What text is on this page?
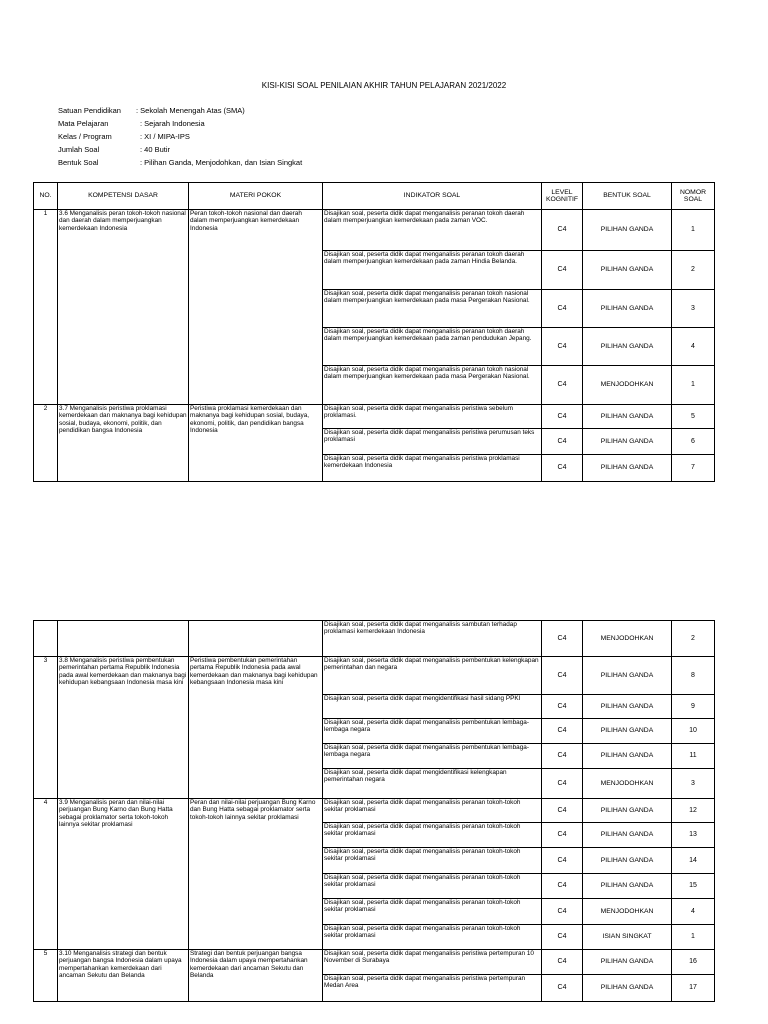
KISI-KISI SOAL PENILAIAN AKHIR TAHUN PELAJARAN 2021/2022
Satuan Pendidikan : Sekolah Menengah Atas (SMA)
Mata Pelajaran	: Sejarah Indonesia
Kelas / Program	: XI / MIPA-IPS
Jumlah Soal	: 40 Butir
Bentuk Soal	: Pilihan Ganda, Menjodohkan, dan Isian Singkat
NO.	KOMPETENSI DASAR	MATERI POKOK	INDIKATOR SOAL	LEVEL KOGNITIF	BENTUK SOAL	NOMOR SOAL
1	3.6 Menganalisis peran tokoh-tokoh nasional dan daerah dalam memperjuangkan kemerdekaan Indonesia	Peran tokoh-tokoh nasional dan daerah dalam memperjuangkan kemerdekaan Indonesia	Disajikan soal, peserta didik dapat menganalisis peranan tokoh daerah dalam memperjuangkan kemerdekaan pada zaman VOC.	C4	PILIHAN GANDA	1
			Disajikan soal, peserta didik dapat menganalisis peranan tokoh daerah dalam memperjuangkan kemerdekaan pada zaman Hindia Belanda.	C4	PILIHAN GANDA	2
			Disajikan soal, peserta didik dapat menganalisis peranan tokoh nasional dalam memperjuangkan kemerdekaan pada masa Pergerakan Nasional.	C4	PILIHAN GANDA	3
			Disajikan soal, peserta didik dapat menganalisis peranan tokoh daerah dalam memperjuangkan kemerdekaan pada zaman pendudukan Jepang.	C4	PILIHAN GANDA	4
			Disajikan soal, peserta didik dapat menganalisis peranan tokoh nasional dalam memperjuangkan kemerdekaan pada masa Pergerakan Nasional.	C4	MENJODOHKAN	1
2	3.7 Menganalisis peristiwa proklamasi kemerdekaan dan maknanya bagi kehidupan sosial, budaya, ekonomi, politik, dan pendidikan bangsa Indonesia	Peristiwa proklamasi kemerdekaan dan maknanya bagi kehidupan sosial, budaya, ekonomi, politik, dan pendidikan bangsa Indonesia	Disajikan soal, peserta didik dapat menganalisis peristiwa sebelum proklamasi.	C4	PILIHAN GANDA	5
			Disajikan soal, peserta didik dapat menganalisis peristiwa perumusan teks proklamasi	C4	PILIHAN GANDA	6
			Disajikan soal, peserta didik dapat menganalisis peristiwa proklamasi kemerdekaan Indonesia	C4	PILIHAN GANDA	7
			Disajikan soal, peserta didik dapat menganalisis sambutan terhadap proklamasi kemerdekaan Indonesia	C4	MENJODOHKAN	2
3	3.8 Menganalisis peristiwa pembentukan pemerintahan pertama Republik Indonesia pada awal kemerdekaan dan maknanya bagi kehidupan kebangsaan Indonesia masa kini	Peristiwa pembentukan pemerintahan pertama Republik Indonesia pada awal kemerdekaan dan maknanya bagi kehidupan kebangsaan Indonesia masa kini	Disajikan soal, peserta didik dapat menganalisis pembentukan kelengkapan pemerintahan dan negara	C4	PILIHAN GANDA	8
			Disajikan soal, peserta didik dapat mengidentifikasi hasil sidang PPKI	C4	PILIHAN GANDA	9
			Disajikan soal, peserta didik dapat menganalisis pembentukan lembaga-lembaga negara	C4	PILIHAN GANDA	10
			Disajikan soal, peserta didik dapat menganalisis pembentukan lembaga-lembaga negara	C4	PILIHAN GANDA	11
			Disajikan soal, peserta didik dapat mengidentifikasi kelengkapan pemerintahan negara	C4	MENJODOHKAN	3
4	3.9 Menganalisis peran dan nilai-nilai perjuangan Bung Karno dan Bung Hatta sebagai proklamator serta tokoh-tokoh lainnya sekitar proklamasi	Peran dan nilai-nilai perjuangan Bung Karno dan Bung Hatta sebagai proklamator serta tokoh-tokoh lainnya sekitar proklamasi	Disajikan soal, peserta didik dapat menganalisis peranan tokoh-tokoh sekitar proklamasi	C4	PILIHAN GANDA	12
			Disajikan soal, peserta didik dapat menganalisis peranan tokoh-tokoh sekitar proklamasi	C4	PILIHAN GANDA	13
			Disajikan soal, peserta didik dapat menganalisis peranan tokoh-tokoh sekitar proklamasi	C4	PILIHAN GANDA	14
			Disajikan soal, peserta didik dapat menganalisis peranan tokoh-tokoh sekitar proklamasi	C4	PILIHAN GANDA	15
			Disajikan soal, peserta didik dapat menganalisis peranan tokoh-tokoh sekitar proklamasi	C4	MENJODOHKAN	4
			Disajikan soal, peserta didik dapat menganalisis peranan tokoh-tokoh sekitar proklamasi	C4	ISIAN SINGKAT	1
5	3.10 Menganalisis strategi dan bentuk perjuangan bangsa Indonesia dalam upaya mempertahankan kemerdekaan dari ancaman Sekutu dan Belanda	Strategi dan bentuk perjuangan bangsa Indonesia dalam upaya mempertahankan kemerdekaan dari ancaman Sekutu dan Belanda	Disajikan soal, peserta didik dapat menganalisis peristiwa pertempuran 10 November di Surabaya	C4	PILIHAN GANDA	16
			Disajikan soal, peserta didik dapat menganalisis peristiwa pertempuran Medan Area	C4	PILIHAN GANDA	17
